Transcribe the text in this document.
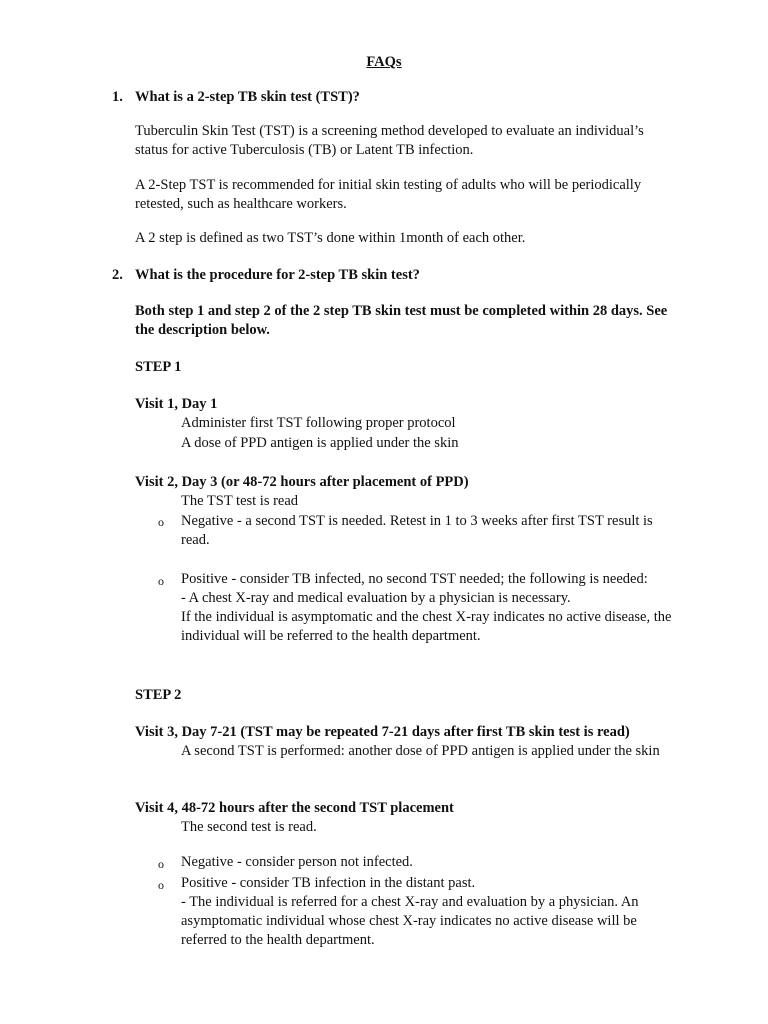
FAQs
1. What is a 2-step TB skin test (TST)?

Tuberculin Skin Test (TST) is a screening method developed to evaluate an individual’s status for active Tuberculosis (TB) or Latent TB infection.

A 2-Step TST is recommended for initial skin testing of adults who will be periodically retested, such as healthcare workers.

A 2 step is defined as two TST’s done within 1month of each other.

2. What is the procedure for 2-step TB skin test?

Both step 1 and step 2 of the 2 step TB skin test must be completed within 28 days. See the description below.

STEP 1

Visit 1, Day 1

Administer first TST following proper protocol

A dose of PPD antigen is applied under the skin

Visit 2, Day 3 (or 48-72 hours after placement of PPD)

The TST test is read

o Negative - a second TST is needed. Retest in 1 to 3 weeks after first TST result is read.

o Positive - consider TB infected, no second TST needed; the following is needed:

- A chest X-ray and medical evaluation by a physician is necessary.

If the individual is asymptomatic and the chest X-ray indicates no active disease, the individual will be referred to the health department.

STEP 2

Visit 3, Day 7-21 (TST may be repeated 7-21 days after first TB skin test is read)

A second TST is performed: another dose of PPD antigen is applied under the skin

Visit 4, 48-72 hours after the second TST placement

The second test is read.

o Negative - consider person not infected.

o Positive - consider TB infection in the distant past.

- The individual is referred for a chest X-ray and evaluation by a physician. An asymptomatic individual whose chest X-ray indicates no active disease will be referred to the health department.
